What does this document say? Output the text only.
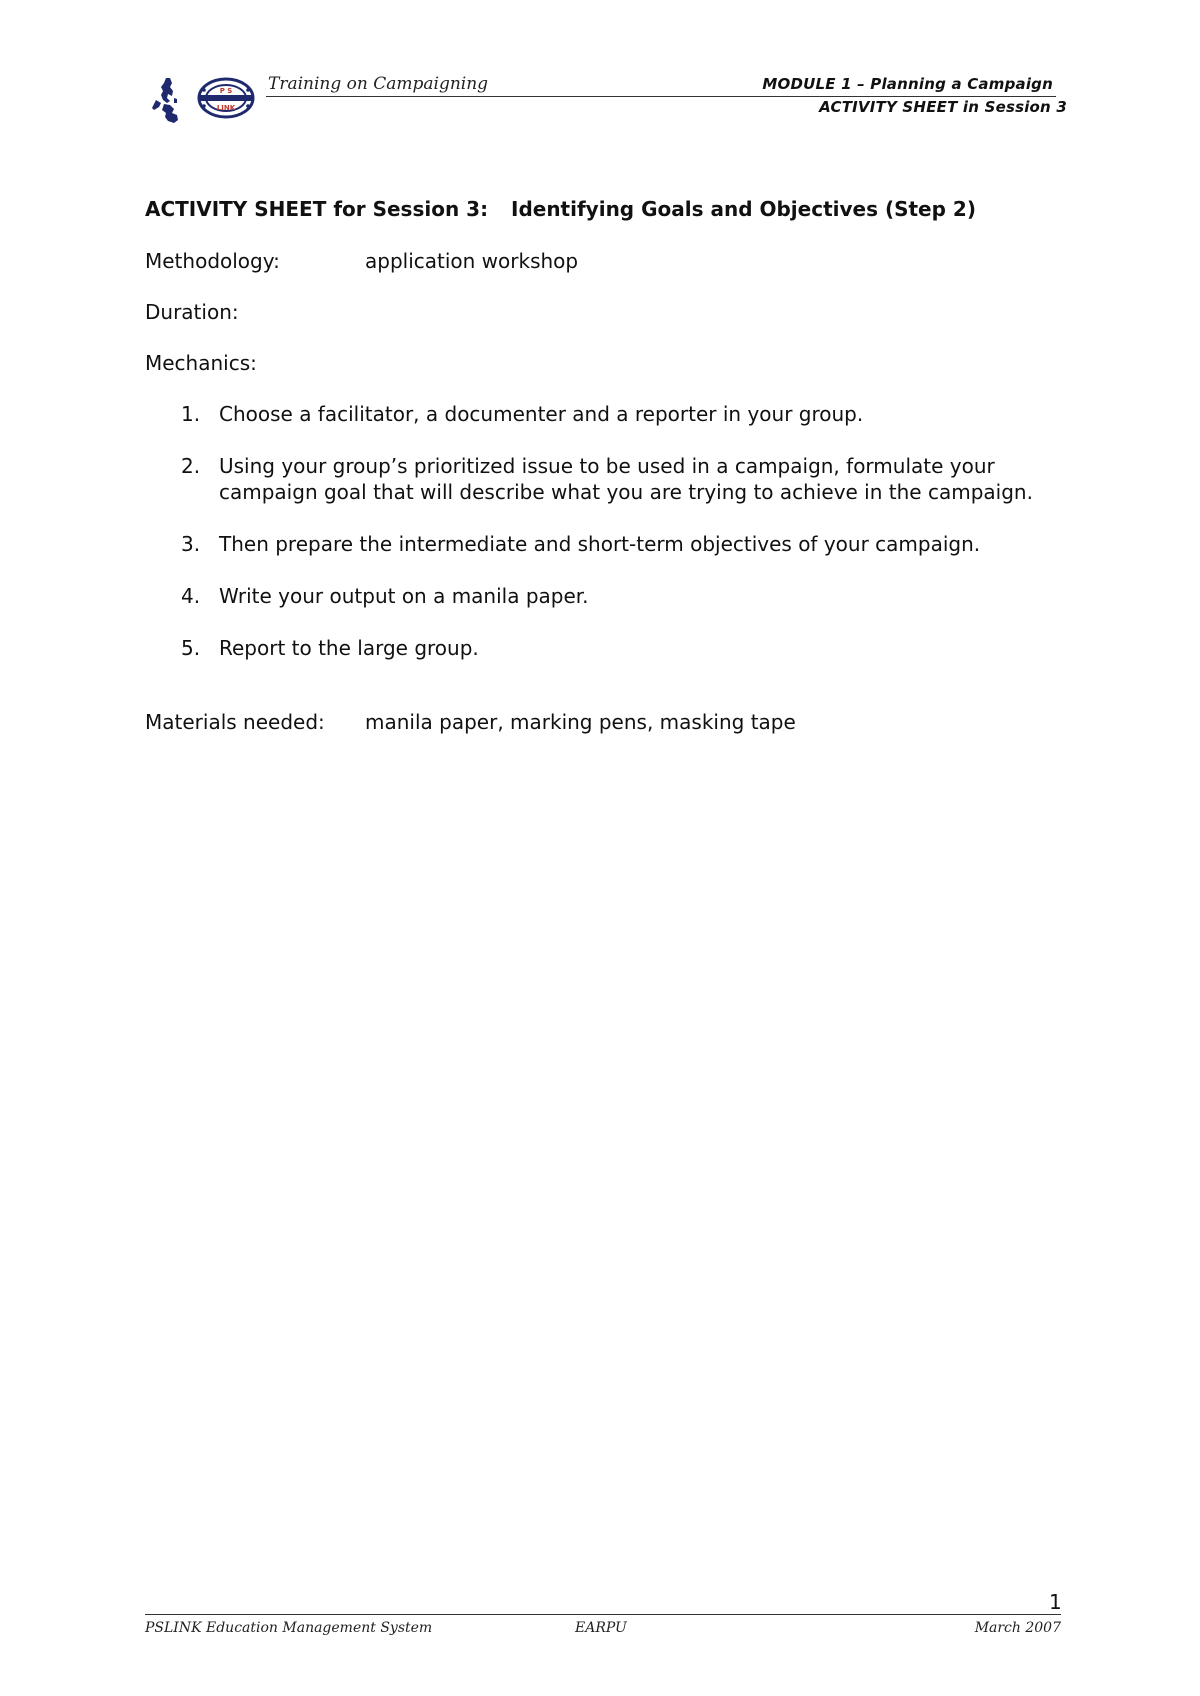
P S
LINK
Training on Campaigning	MODULE 1 – Planning a Campaign
ACTIVITY SHEET in Session 3
ACTIVITY SHEET for Session 3: Identifying Goals and Objectives (Step 2)
Methodology:	application workshop
Duration:
Mechanics:
1. Choose a facilitator, a documenter and a reporter in your group.
2. Using your group’s prioritized issue to be used in a campaign, formulate your campaign goal that will describe what you are trying to achieve in the campaign.
3. Then prepare the intermediate and short-term objectives of your campaign.
4. Write your output on a manila paper.
5. Report to the large group.
Materials needed: manila paper, marking pens, masking tape
1
PSLINK Education Management System	EARPU	March 2007
